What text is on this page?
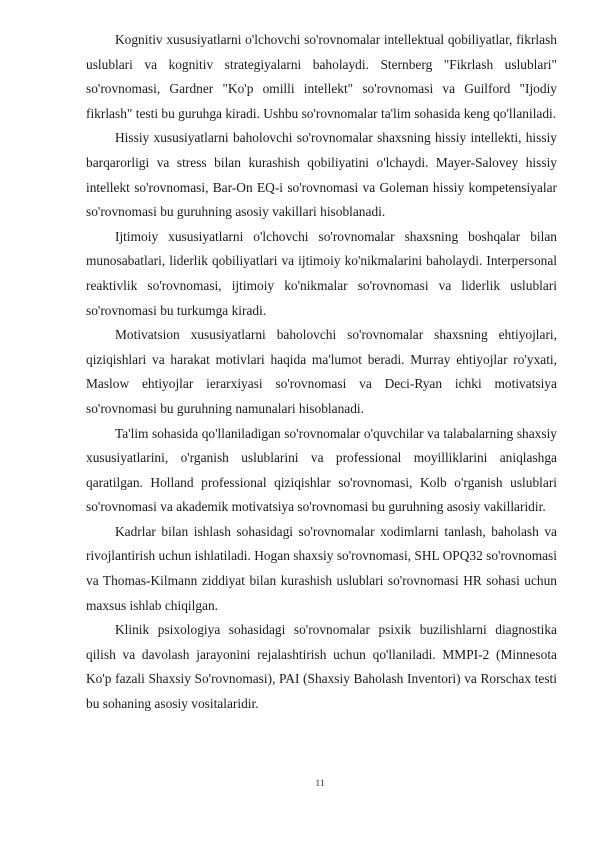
Kognitiv xususiyatlarni o'lchovchi so'rovnomalar intellektual qobiliyatlar, fikrlash uslublari va kognitiv strategiyalarni baholaydi. Sternberg "Fikrlash uslublari" so'rovnomasi, Gardner "Ko'p omilli intellekt" so'rovnomasi va Guilford "Ijodiy fikrlash" testi bu guruhga kiradi. Ushbu so'rovnomalar ta'lim sohasida keng qo'llaniladi.

Hissiy xususiyatlarni baholovchi so'rovnomalar shaxsning hissiy intellekti, hissiy barqarorligi va stress bilan kurashish qobiliyatini o'lchaydi. Mayer-Salovey hissiy intellekt so'rovnomasi, Bar-On EQ-i so'rovnomasi va Goleman hissiy kompetensiyalar so'rovnomasi bu guruhning asosiy vakillari hisoblanadi.

Ijtimoiy xususiyatlarni o'lchovchi so'rovnomalar shaxsning boshqalar bilan munosabatlari, liderlik qobiliyatlari va ijtimoiy ko'nikmalarini baholaydi. Interpersonal reaktivlik so'rovnomasi, ijtimoiy ko'nikmalar so'rovnomasi va liderlik uslublari so'rovnomasi bu turkumga kiradi.

Motivatsion xususiyatlarni baholovchi so'rovnomalar shaxsning ehtiyojlari, qiziqishlari va harakat motivlari haqida ma'lumot beradi. Murray ehtiyojlar ro'yxati, Maslow ehtiyojlar ierarxiyasi so'rovnomasi va Deci-Ryan ichki motivatsiya so'rovnomasi bu guruhning namunalari hisoblanadi.

Ta'lim sohasida qo'llaniladigan so'rovnomalar o'quvchilar va talabalarning shaxsiy xususiyatlarini, o'rganish uslublarini va professional moyilliklarini aniqlashga qaratilgan. Holland professional qiziqishlar so'rovnomasi, Kolb o'rganish uslublari so'rovnomasi va akademik motivatsiya so'rovnomasi bu guruhning asosiy vakillaridir.

Kadrlar bilan ishlash sohasidagi so'rovnomalar xodimlarni tanlash, baholash va rivojlantirish uchun ishlatiladi. Hogan shaxsiy so'rovnomasi, SHL OPQ32 so'rovnomasi va Thomas-Kilmann ziddiyat bilan kurashish uslublari so'rovnomasi HR sohasi uchun maxsus ishlab chiqilgan.

Klinik psixologiya sohasidagi so'rovnomalar psixik buzilishlarni diagnostika qilish va davolash jarayonini rejalashtirish uchun qo'llaniladi. MMPI-2 (Minnesota Ko'p fazali Shaxsiy So'rovnomasi), PAI (Shaxsiy Baholash Inventori) va Rorschax testi bu sohaning asosiy vositalaridir.

11
